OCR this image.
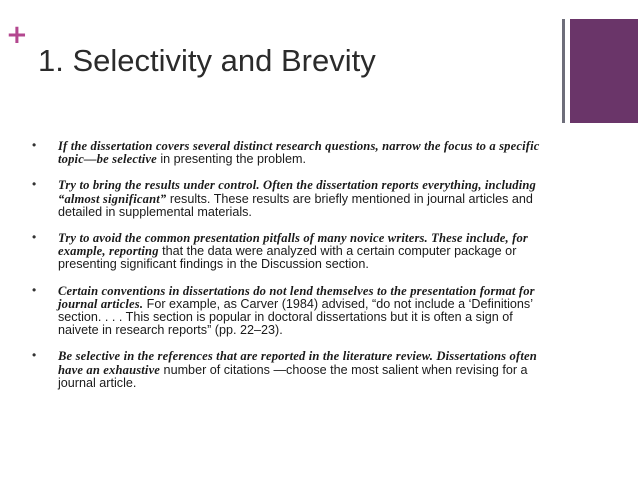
+
1. Selectivity and Brevity
• If the dissertation covers several distinct research questions, narrow the focus to a specific topic—be selective in presenting the problem.
• Try to bring the results under control. Often the dissertation reports everything, including “almost significant” results. These results are briefly mentioned in journal articles and detailed in supplemental materials.
• Try to avoid the common presentation pitfalls of many novice writers. These include, for example, reporting that the data were analyzed with a certain computer package or presenting significant findings in the Discussion section.
• Certain conventions in dissertations do not lend themselves to the presentation format for journal articles. For example, as Carver (1984) advised, “do not include a ‘Definitions’ section. . . . This section is popular in doctoral dissertations but it is often a sign of naivete in research reports” (pp. 22–23).
• Be selective in the references that are reported in the literature review. Dissertations often have an exhaustive number of citations —choose the most salient when revising for a journal article.
